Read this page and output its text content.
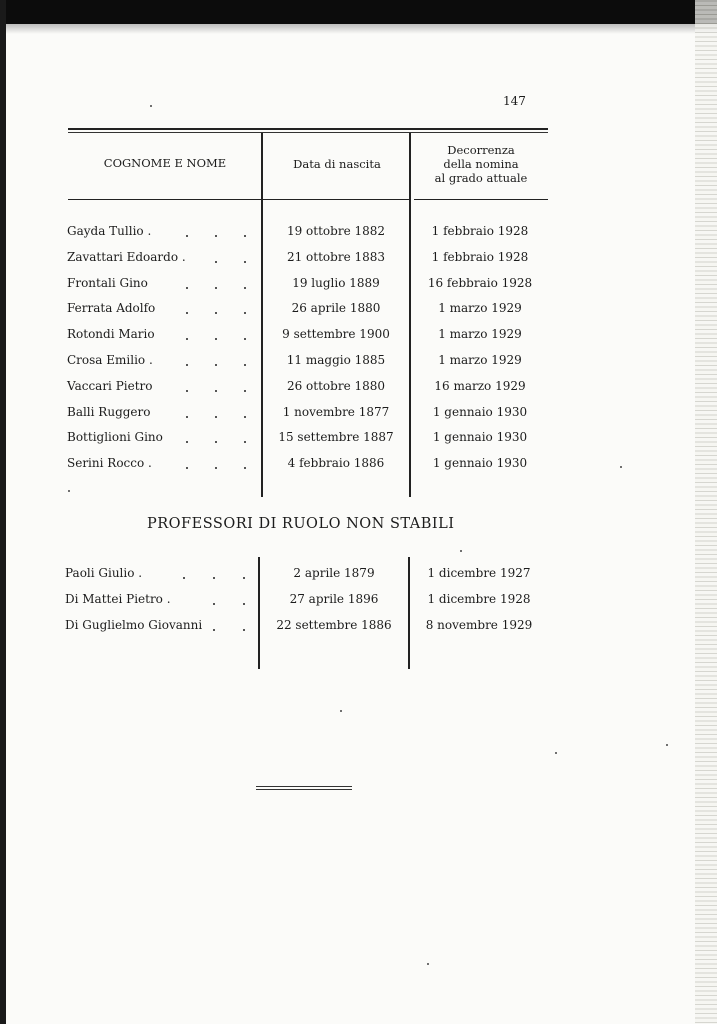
147
COGNOME E NOME	Data di nascita
Decorrenza
della nomina
al grado attuale
Gayda Tullio .	19 ottobre 1882	1 febbraio 1928
Zavattari Edoardo .	21 ottobre 1883	1 febbraio 1928
Frontali Gino	19 luglio 1889	16 febbraio 1928
Ferrata Adolfo	26 aprile 1880	1 marzo 1929
Rotondi Mario	9 settembre 1900	1 marzo 1929
Crosa Emilio .	11 maggio 1885	1 marzo 1929
Vaccari Pietro	26 ottobre 1880	16 marzo 1929
Balli Ruggero	1 novembre 1877	1 gennaio 1930
Bottiglioni Gino	15 settembre 1887	1 gennaio 1930
Serini Rocco .	4 febbraio 1886	1 gennaio 1930
PROFESSORI DI RUOLO NON STABILI
Paoli Giulio .	2 aprile 1879	1 dicembre 1927
Di Mattei Pietro .	27 aprile 1896	1 dicembre 1928
Di Guglielmo Giovanni	22 settembre 1886	8 novembre 1929
